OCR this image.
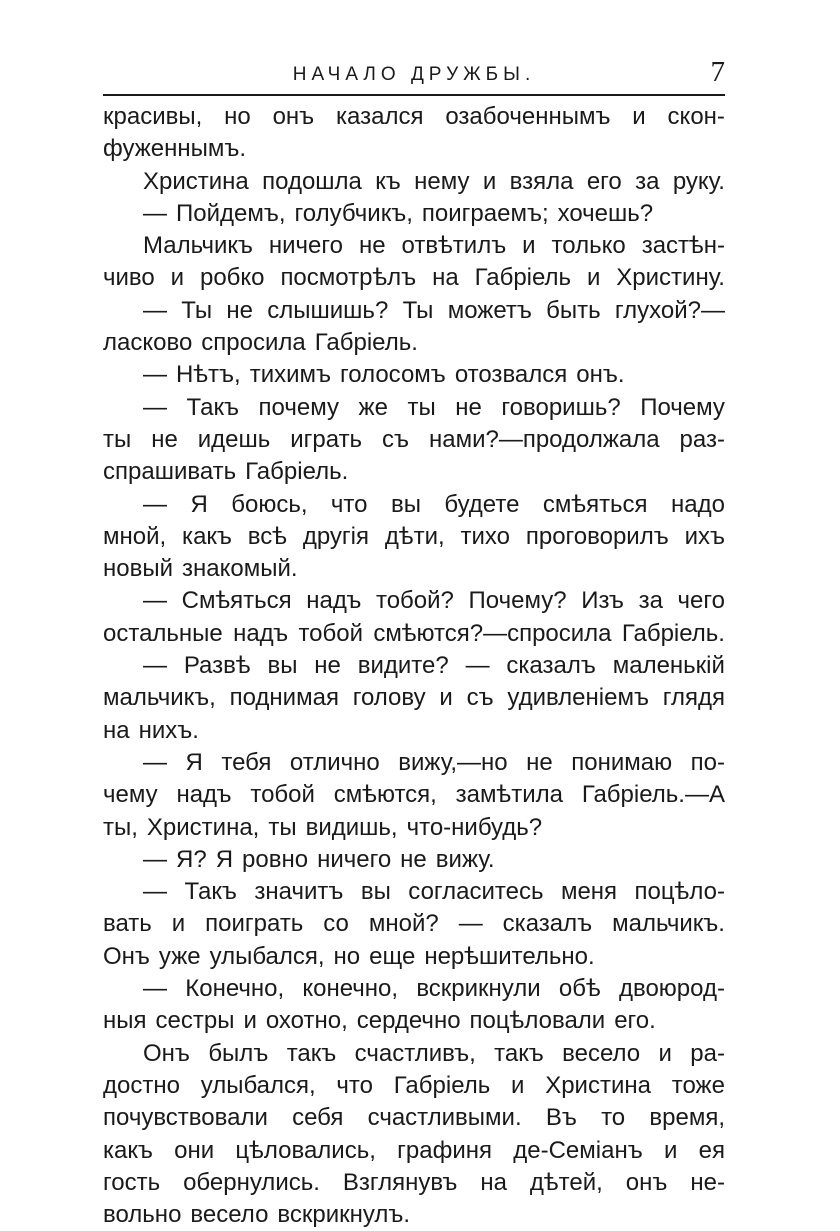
НАЧАЛО ДРУЖБЫ.	7
красивы, но онъ казался озабоченнымъ и скон-
фуженнымъ.
Христина подошла къ нему и взяла его за руку.
— Пойдемъ, голубчикъ, поиграемъ; хочешь?
Мальчикъ ничего не отвѣтилъ и только застѣн-
чиво и робко посмотрѣлъ на Габріель и Христину.
— Ты не слышишь? Ты можетъ быть глухой?—
ласково спросила Габріель.
— Нѣтъ, тихимъ голосомъ отозвался онъ.
— Такъ почему же ты не говоришь? Почему
ты не идешь играть съ нами?—продолжала раз-
спрашивать Габріель.
— Я боюсь, что вы будете смѣяться надо
мной, какъ всѣ другія дѣти, тихо проговорилъ ихъ
новый знакомый.
— Смѣяться надъ тобой? Почему? Изъ за чего
остальные надъ тобой смѣются?—спросила Габріель.
— Развѣ вы не видите? — сказалъ маленькій
мальчикъ, поднимая голову и съ удивленіемъ глядя
на нихъ.
— Я тебя отлично вижу,—но не понимаю по-
чему надъ тобой смѣются, замѣтила Габріель.—А
ты, Христина, ты видишь, что-нибудь?
— Я? Я ровно ничего не вижу.
— Такъ значитъ вы согласитесь меня поцѣло-
вать и поиграть со мной? — сказалъ мальчикъ.
Онъ уже улыбался, но еще нерѣшительно.
— Конечно, конечно, вскрикнули обѣ двоюрод-
ныя сестры и охотно, сердечно поцѣловали его.
Онъ былъ такъ счастливъ, такъ весело и ра-
достно улыбался, что Габріель и Христина тоже
почувствовали себя счастливыми. Въ то время,
какъ они цѣловались, графиня де-Семіанъ и ея
гость обернулись. Взглянувъ на дѣтей, онъ не-
вольно весело вскрикнулъ.
